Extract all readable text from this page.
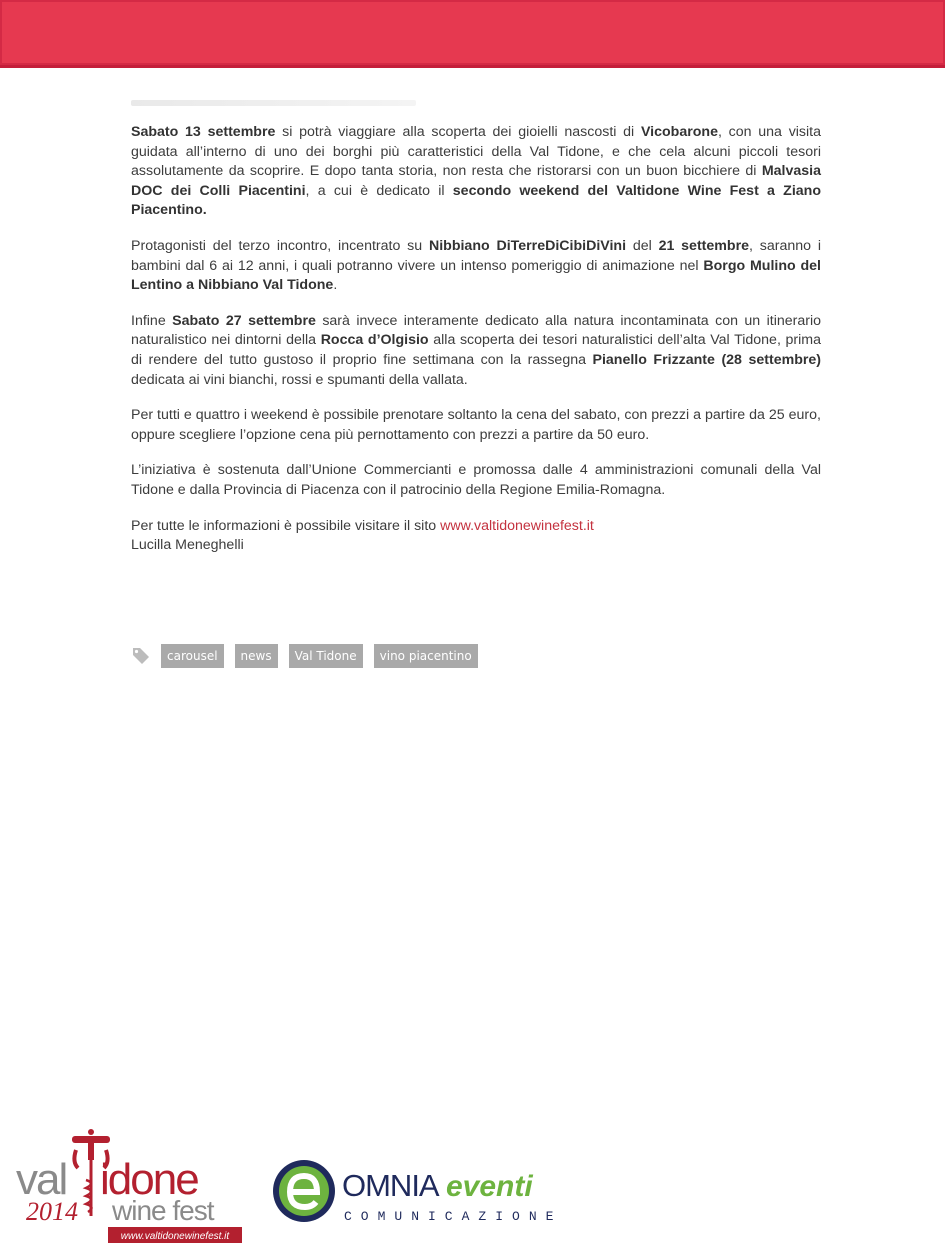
Sabato 13 settembre si potrà viaggiare alla scoperta dei gioielli nascosti di Vicobarone, con una visita guidata all’interno di uno dei borghi più caratteristici della Val Tidone, e che cela alcuni piccoli tesori assolutamente da scoprire. E dopo tanta storia, non resta che ristorarsi con un buon bicchiere di Malvasia DOC dei Colli Piacentini, a cui è dedicato il secondo weekend del Valtidone Wine Fest a Ziano Piacentino.

Protagonisti del terzo incontro, incentrato su Nibbiano DiTerreDiCibiDiVini del 21 settembre, saranno i bambini dal 6 ai 12 anni, i quali potranno vivere un intenso pomeriggio di animazione nel Borgo Mulino del Lentino a Nibbiano Val Tidone.

Infine Sabato 27 settembre sarà invece interamente dedicato alla natura incontaminata con un itinerario naturalistico nei dintorni della Rocca d’Olgisio alla scoperta dei tesori naturalistici dell’alta Val Tidone, prima di rendere del tutto gustoso il proprio fine settimana con la rassegna Pianello Frizzante (28 settembre) dedicata ai vini bianchi, rossi e spumanti della vallata.

Per tutti e quattro i weekend è possibile prenotare soltanto la cena del sabato, con prezzi a partire da 25 euro, oppure scegliere l’opzione cena più pernottamento con prezzi a partire da 50 euro.

L’iniziativa è sostenuta dall’Unione Commercianti e promossa dalle 4 amministrazioni comunali della Val Tidone e dalla Provincia di Piacenza con il patrocinio della Regione Emilia-Romagna.

Per tutte le informazioni è possibile visitare il sito www.valtidonewinefest.it
Lucilla Meneghelli

carousel	news	Val Tidone	vino piacentino
val idone
2014 wine fest
www.valtidonewinefest.it
OMNIA eventi
COMUNICAZIONE
